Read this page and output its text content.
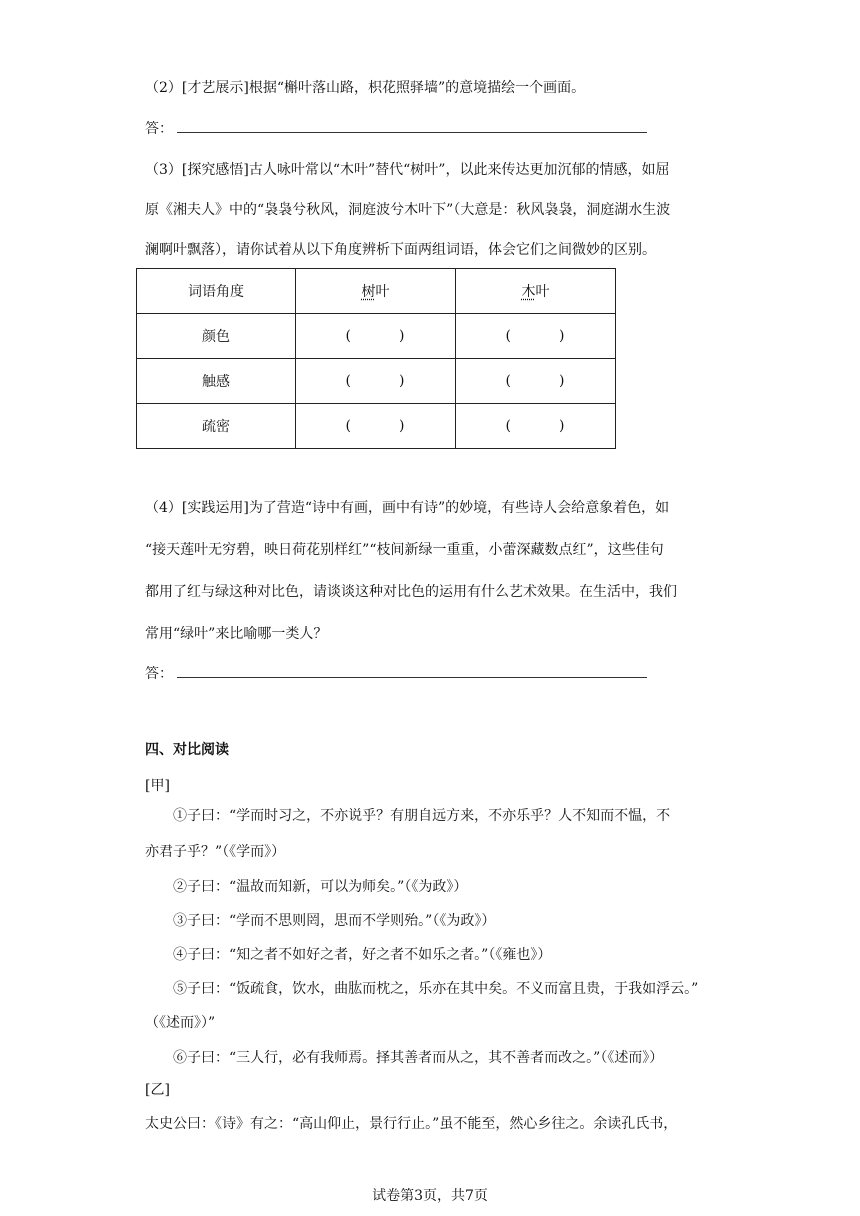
（2）[才艺展示]根据“槲叶落山路，枳花照驿墙”的意境描绘一个画面。
答：
（3）[探究感悟]古人咏叶常以“木叶”替代“树叶”，以此来传达更加沉郁的情感，如屈
原《湘夫人》中的“袅袅兮秋风，洞庭波兮木叶下”（大意是：秋风袅袅，洞庭湖水生波
澜啊叶飘落），请你试着从以下角度辨析下面两组词语，体会它们之间微妙的区别。
词语角度	树叶	木叶
颜色	( )	( )
触感	( )	( )
疏密	( )	( )
（4）[实践运用]为了营造“诗中有画，画中有诗”的妙境，有些诗人会给意象着色，如
“接天莲叶无穷碧，映日荷花别样红”“枝间新绿一重重，小蕾深藏数点红”，这些佳句
都用了红与绿这种对比色，请谈谈这种对比色的运用有什么艺术效果。在生活中，我们
常用“绿叶”来比喻哪一类人？
答：
四、对比阅读
[甲]
①子曰：“学而时习之，不亦说乎？有朋自远方来，不亦乐乎？人不知而不愠，不
亦君子乎？”（《学而》）
②子曰：“温故而知新，可以为师矣。”（《为政》）
③子曰：“学而不思则罔，思而不学则殆。”（《为政》）
④子曰：“知之者不如好之者，好之者不如乐之者。”（《雍也》）
⑤子曰：“饭疏食，饮水，曲肱而枕之，乐亦在其中矣。不义而富且贵，于我如浮云。”
（《述而》）”
⑥子曰：“三人行，必有我师焉。择其善者而从之，其不善者而改之。”（《述而》）
[乙]
太史公曰：《诗》有之：“高山仰止，景行行止。”虽不能至，然心乡往之。余读孔氏书，
试卷第3页，共7页
